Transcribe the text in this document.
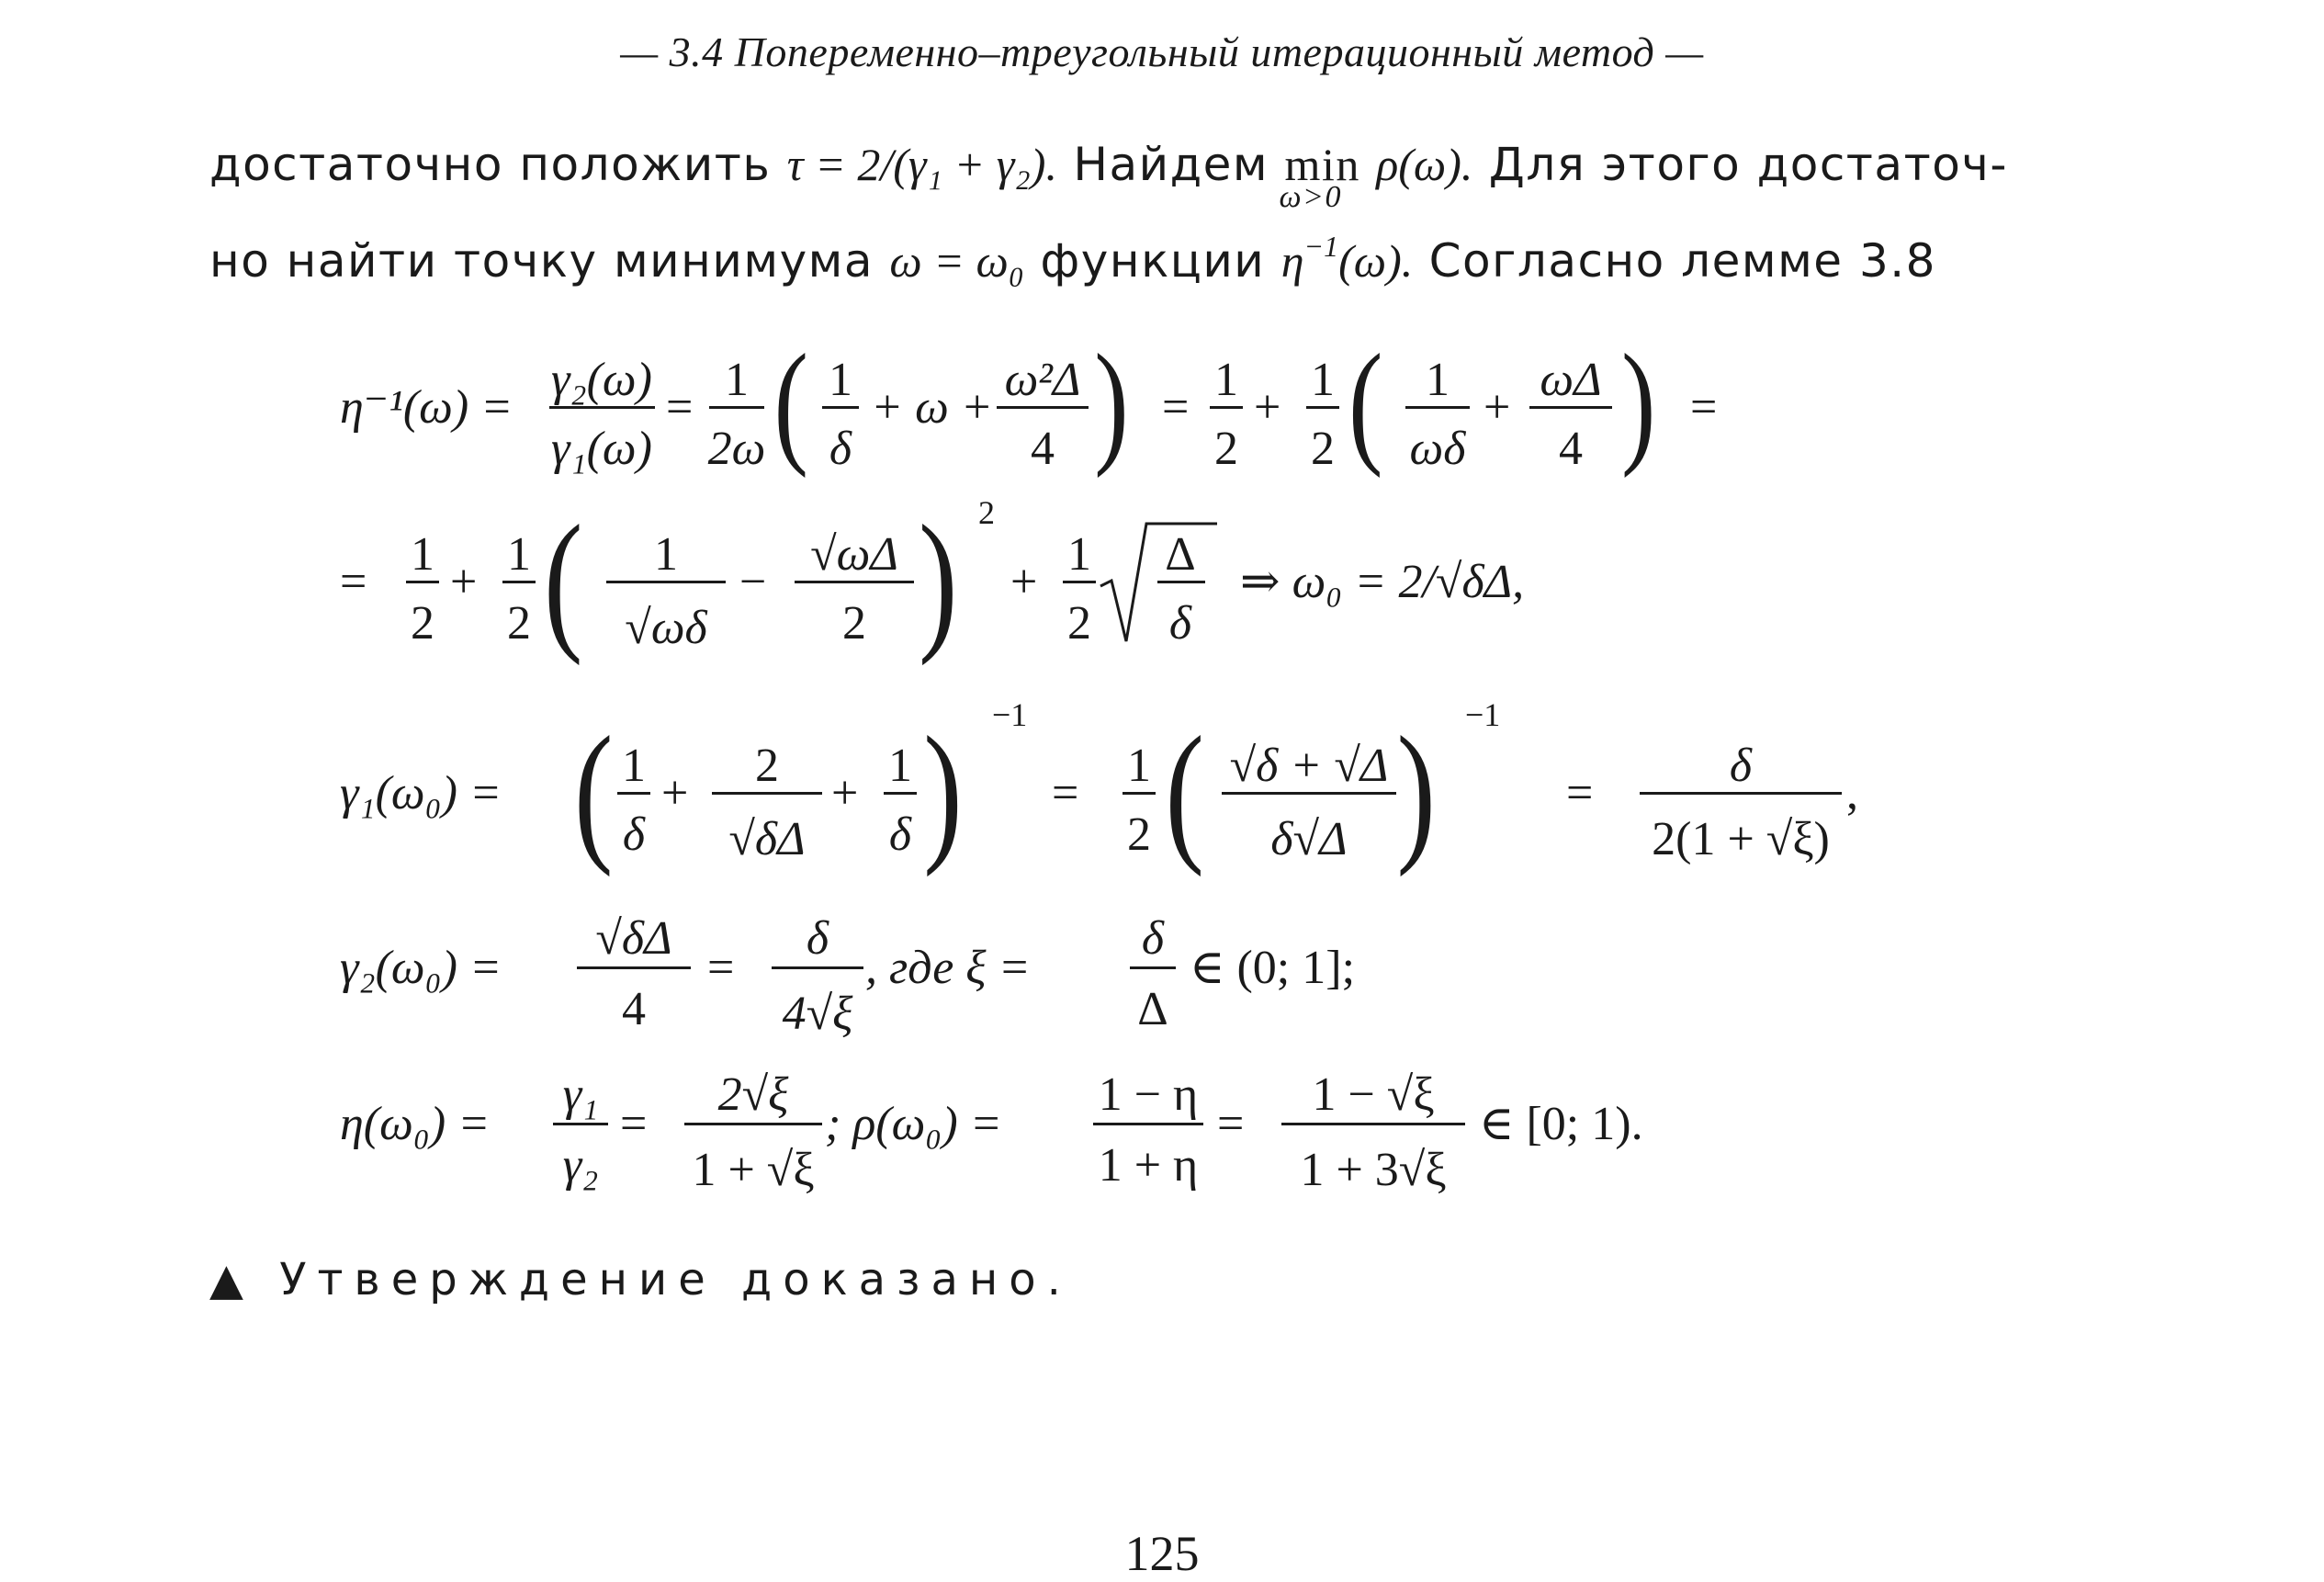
— 3.4 Попеременно–треугольный итерационный метод —
достаточно положить τ = 2/(γ₁ + γ₂). Найдем min
ω>0
ρ(ω). Для этого достаточ-
но найти точку минимума ω = ω₀ функции $\eta^{-1}(\omega)$. Согласно лемме 3.8
η⁻¹(ω) =
γ₂(ω)
γ₁(ω)
=
1
2ω ( 1
δ
+ ω +
ω²Δ
4 ) =
1
2
+
1
2 ( 1
ωδ
+
ωΔ
4 ) =
=
1
2
+
1
2 ( 1
√ωδ
−
√ωΔ
2 ) 2
+
1
2
Δ
δ
⇒ ω₀ = 2/√δΔ,
γ₁(ω₀) = ( 1
δ
+
2
√δΔ
+
1
δ ) −1
=
1
2 ( √δ + √Δ
δ√Δ ) −1
=
δ
2(1 + √ξ)
,
γ₂(ω₀) =
√δΔ
4
=
δ
4√ξ
, где ξ =
δ
Δ
∈ (0; 1];
η(ω₀) =
γ₁
γ₂
=
2√ξ
1 + √ξ
; ρ(ω₀) =
1 − η
1 + η
=
1 − √ξ
1 + 3√ξ
∈ [0; 1).
▲ Утверждение доказано.
125
